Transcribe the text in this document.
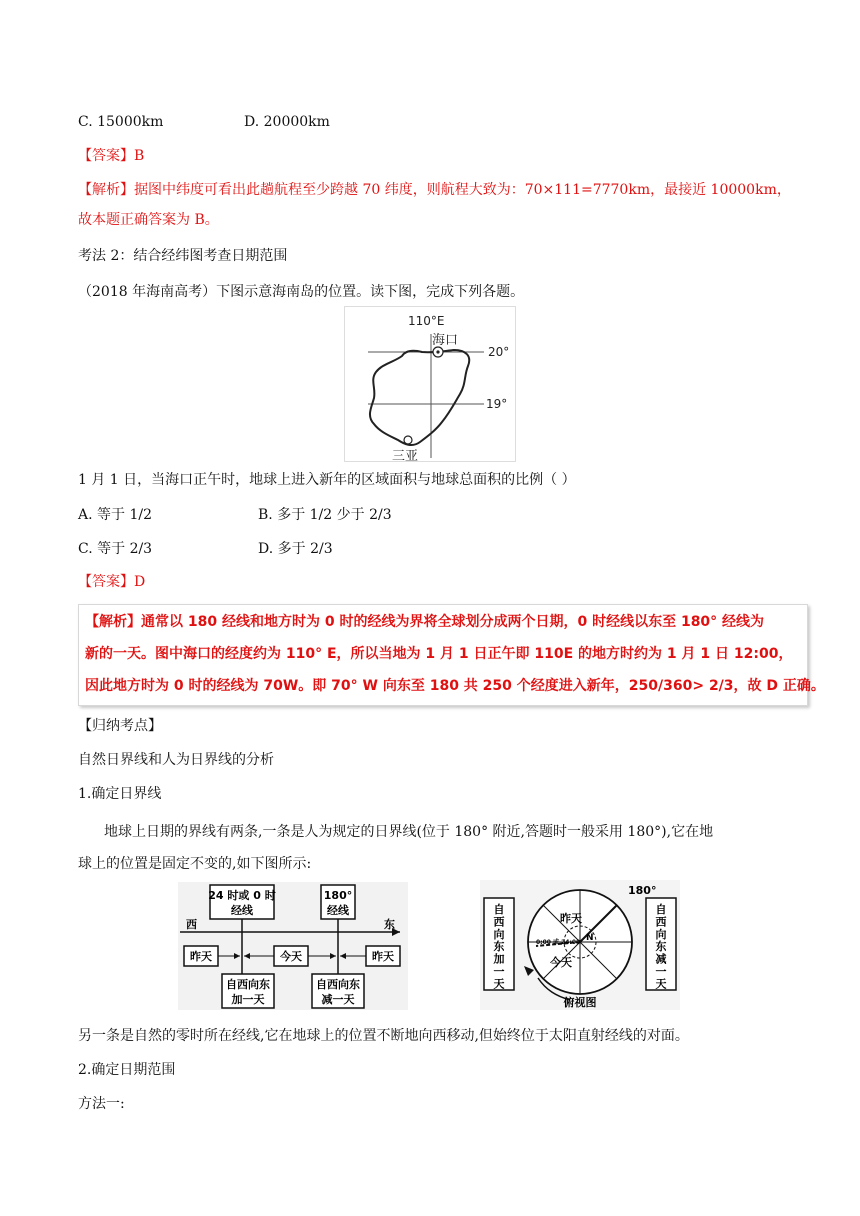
C. 15000km	D. 20000km
【答案】B
【解析】据图中纬度可看出此趟航程至少跨越 70 纬度，则航程大致为：70×111=7770km，最接近 10000km，
故本题正确答案为 B。
考法 2：结合经纬图考查日期范围
（2018 年海南高考）下图示意海南岛的位置。读下图，完成下列各题。
110°E
海口
20°
19°
三亚
1 月 1 日，当海口正午时，地球上进入新年的区域面积与地球总面积的比例（ ）
A. 等于 1/2	B. 多于 1/2 少于 2/3
C. 等于 2/3	D. 多于 2/3
【答案】D
【解析】通常以 180 经线和地方时为 0 时的经线为界将全球划分成两个日期，0 时经线以东至 180° 经线为
新的一天。图中海口的经度约为 110° E，所以当地为 1 月 1 日正午即 110E 的地方时约为 1 月 1 日 12:00，
因此地方时为 0 时的经线为 70W。即 70° W 向东至 180 共 250 个经度进入新年，250/360> 2/3，故 D 正确。
【归纳考点】
自然日界线和人为日界线的分析
1.确定日界线
地球上日期的界线有两条,一条是人为规定的日界线(位于 180° 附近,答题时一般采用 180°),它在地
球上的位置是固定不变的,如下图所示:
24 时或 0 时
经线
180°
经线
西	东
昨天	今天	昨天
自西向东
加一天
自西向东
减一天
自
西
向
东
加
一
天
自
西
向
东
减
一
天
180°
昨天
今天
0:00 或 24:00 N
俯视图
另一条是自然的零时所在经线,它在地球上的位置不断地向西移动,但始终位于太阳直射经线的对面。
2.确定日期范围
方法一:
